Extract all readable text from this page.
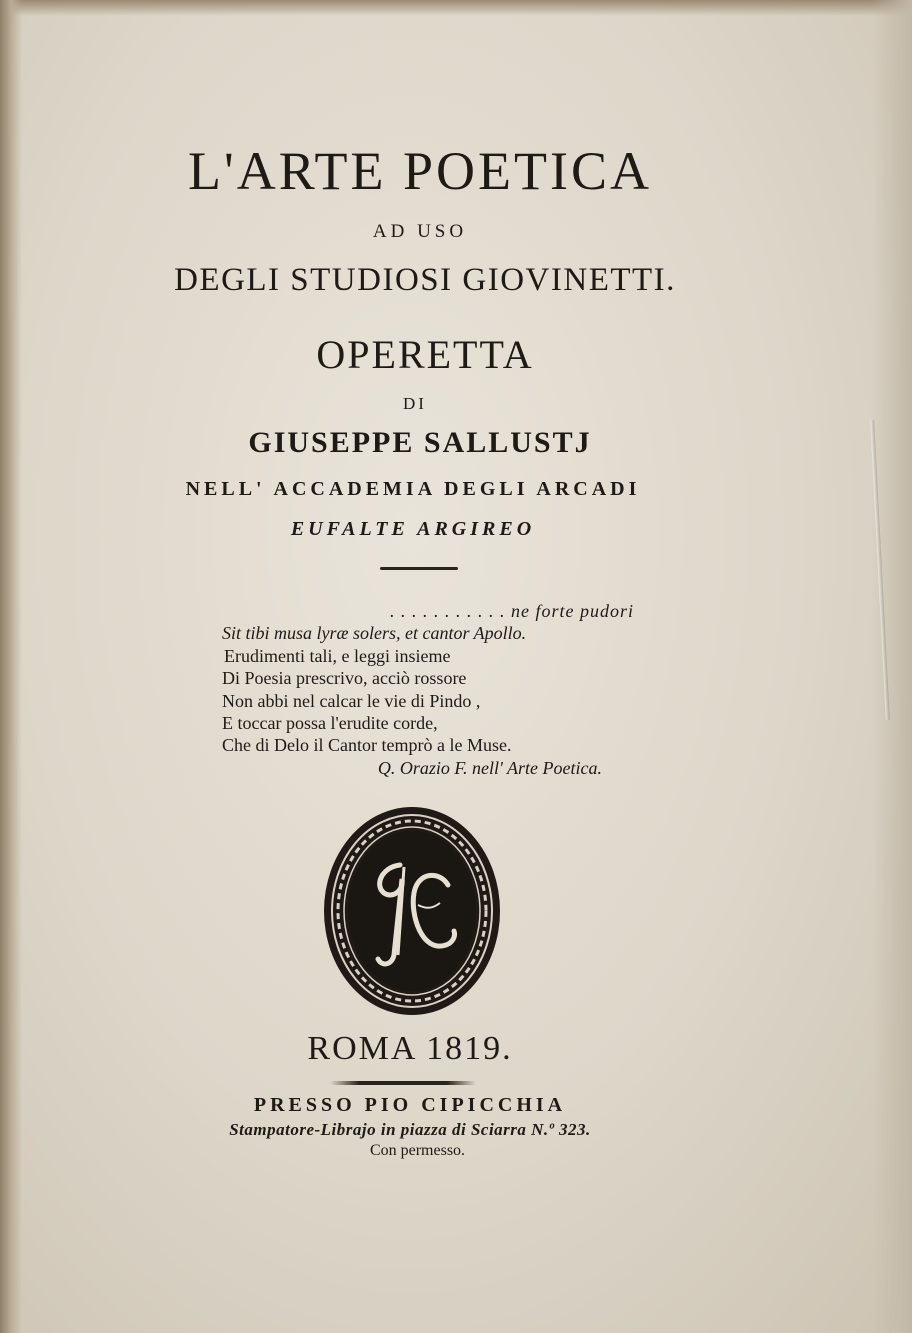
L'ARTE POETICA
AD USO
DEGLI STUDIOSI GIOVINETTI.
OPERETTA
DI
GIUSEPPE SALLUSTJ
NELL' ACCADEMIA DEGLI ARCADI
EUFALTE ARGIREO
. . . . . . . . . . . ne forte pudori
Sit tibi musa lyræ solers, et cantor Apollo.
Erudimenti tali, e leggi insieme
Di Poesia prescrivo, acciò rossore
Non abbi nel calcar le vie di Pindo ,
E toccar possa l'erudite corde,
Che di Delo il Cantor temprò a le Muse.
Q. Orazio F. nell' Arte Poetica.
ROMA 1819.
PRESSO PIO CIPICCHIA
Stampatore-Librajo in piazza di Sciarra N.º 323.
Con permesso.
